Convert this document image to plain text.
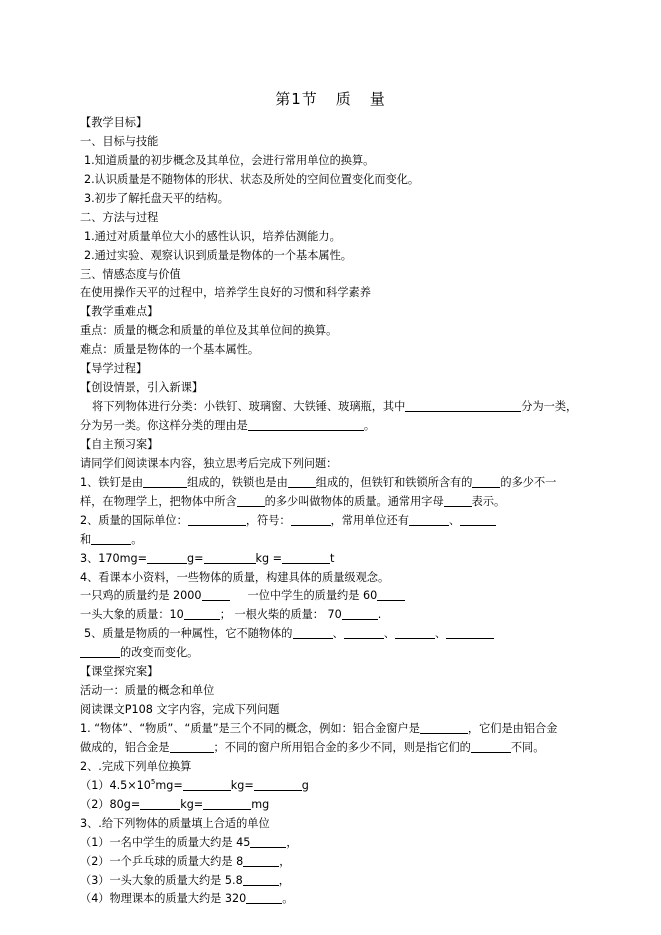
第1节 质 量
【教学目标】
一、目标与技能
1.知道质量的初步概念及其单位，会进行常用单位的换算。
2.认识质量是不随物体的形状、状态及所处的空间位置变化而变化。
3.初步了解托盘天平的结构。
二、方法与过程
1.通过对质量单位大小的感性认识，培养估测能力。
2.通过实验、观察认识到质量是物体的一个基本属性。
三、情感态度与价值
在使用操作天平的过程中，培养学生良好的习惯和科学素养
【教学重难点】
重点：质量的概念和质量的单位及其单位间的换算。
难点：质量是物体的一个基本属性。
【导学过程】
【创设情景，引入新课】
将下列物体进行分类：小铁钉、玻璃窗、大铁锤、玻璃瓶，其中	分为一类，
分为另一类。你这样分类的理由是	。
【自主预习案】
请同学们阅读课本内容，独立思考后完成下列问题：
1、铁钉是由	组成的，铁锁也是由	组成的，但铁钉和铁锁所含有的	的多少不一
样，在物理学上，把物体中所含	的多少叫做物体的质量。通常用字母	表示。
2、质量的国际单位：	，符号：	，常用单位还有	、
和	。
3、170mg=	g=	kg =	t
4、看课本小资料，一些物体的质量，构建具体的质量级观念。
一只鸡的质量约是 2000	一位中学生的质量约是 60
一头大象的质量：10	； 一根火柴的质量： 70	.
5、质量是物质的一种属性，它不随物体的	、	、	、
的改变而变化。
【课堂探究案】
活动一：质量的概念和单位
阅读课文P108 文字内容，完成下列问题
1. “物体”、“物质”、“质量”是三个不同的概念，例如：铝合金窗户是	，它们是由铝合金
做成的，铝合金是	；不同的窗户所用铝合金的多少不同，则是指它们的	不同。
2、.完成下列单位换算
$(1)4.5\times 10^5mg=$	kg=	g
（2）80g=	kg=	mg
3、.给下列物体的质量填上合适的单位
（1）一名中学生的质量大约是 45	，
（2）一个乒乓球的质量大约是 8	，
（3）一头大象的质量大约是 5.8	，
（4）物理课本的质量大约是 320	。
